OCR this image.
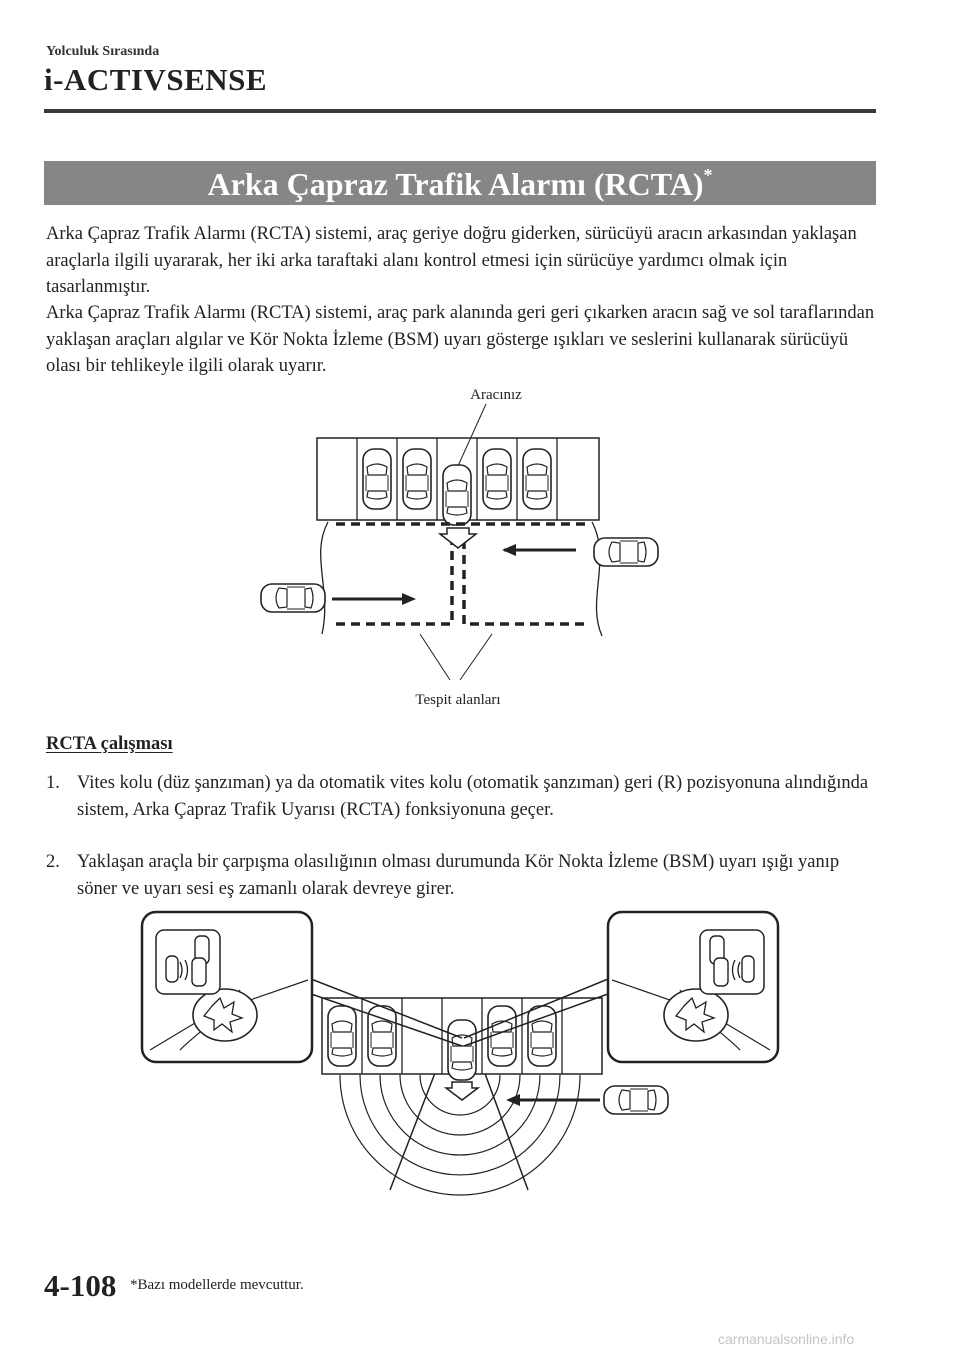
Yolculuk Sırasında
i-ACTIVSENSE
Arka Çapraz Trafik Alarmı (RCTA)*
Arka Çapraz Trafik Alarmı (RCTA) sistemi, araç geriye doğru giderken, sürücüyü aracın arkasından yaklaşan araçlarla ilgili uyararak, her iki arka taraftaki alanı kontrol etmesi için sürücüye yardımcı olmak için tasarlanmıştır.
Arka Çapraz Trafik Alarmı (RCTA) sistemi, araç park alanında geri geri çıkarken aracın sağ ve sol taraflarından yaklaşan araçları algılar ve Kör Nokta İzleme (BSM) uyarı gösterge ışıkları ve seslerini kullanarak sürücüyü olası bir tehlikeyle ilgili olarak uyarır.
Aracınız
Tespit alanları
RCTA çalışması
1. Vites kolu (düz şanzıman) ya da otomatik vites kolu (otomatik şanzıman) geri (R) pozisyonuna alındığında sistem, Arka Çapraz Trafik Uyarısı (RCTA) fonksiyonuna geçer.
2. Yaklaşan araçla bir çarpışma olasılığının olması durumunda Kör Nokta İzleme (BSM) uyarı ışığı yanıp söner ve uyarı sesi eş zamanlı olarak devreye girer.
4-108 *Bazı modellerde mevcuttur.
carmanualsonline.info
